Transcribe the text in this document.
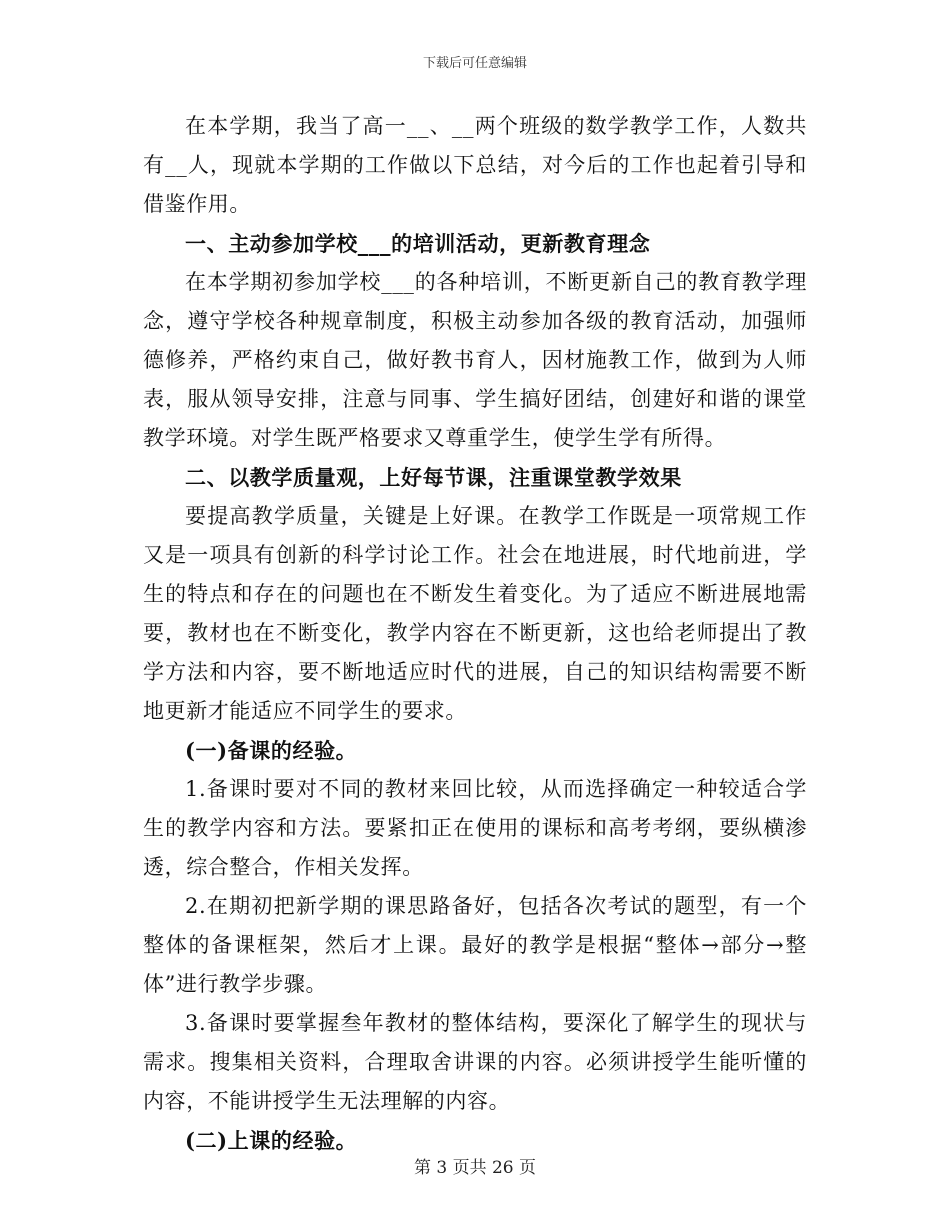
下载后可任意编辑

在本学期，我当了高一__、__两个班级的数学教学工作，人数共有__人，现就本学期的工作做以下总结，对今后的工作也起着引导和借鉴作用。

一、主动参加学校___的培训活动，更新教育理念

在本学期初参加学校___的各种培训，不断更新自己的教育教学理念，遵守学校各种规章制度，积极主动参加各级的教育活动，加强师德修养，严格约束自己，做好教书育人，因材施教工作，做到为人师表，服从领导安排，注意与同事、学生搞好团结，创建好和谐的课堂教学环境。对学生既严格要求又尊重学生，使学生学有所得。

二、以教学质量观，上好每节课，注重课堂教学效果

要提高教学质量，关键是上好课。在教学工作既是一项常规工作又是一项具有创新的科学讨论工作。社会在地进展，时代地前进，学生的特点和存在的问题也在不断发生着变化。为了适应不断进展地需要，教材也在不断变化，教学内容在不断更新，这也给老师提出了教学方法和内容，要不断地适应时代的进展，自己的知识结构需要不断地更新才能适应不同学生的要求。

(一)备课的经验。

1.备课时要对不同的教材来回比较，从而选择确定一种较适合学生的教学内容和方法。要紧扣正在使用的课标和高考考纲，要纵横渗透，综合整合，作相关发挥。

2.在期初把新学期的课思路备好，包括各次考试的题型，有一个整体的备课框架，然后才上课。最好的教学是根据“整体→部分→整体”进行教学步骤。

3.备课时要掌握叁年教材的整体结构，要深化了解学生的现状与需求。搜集相关资料，合理取舍讲课的内容。必须讲授学生能听懂的内容，不能讲授学生无法理解的内容。

(二)上课的经验。

第 3 页共 26 页
